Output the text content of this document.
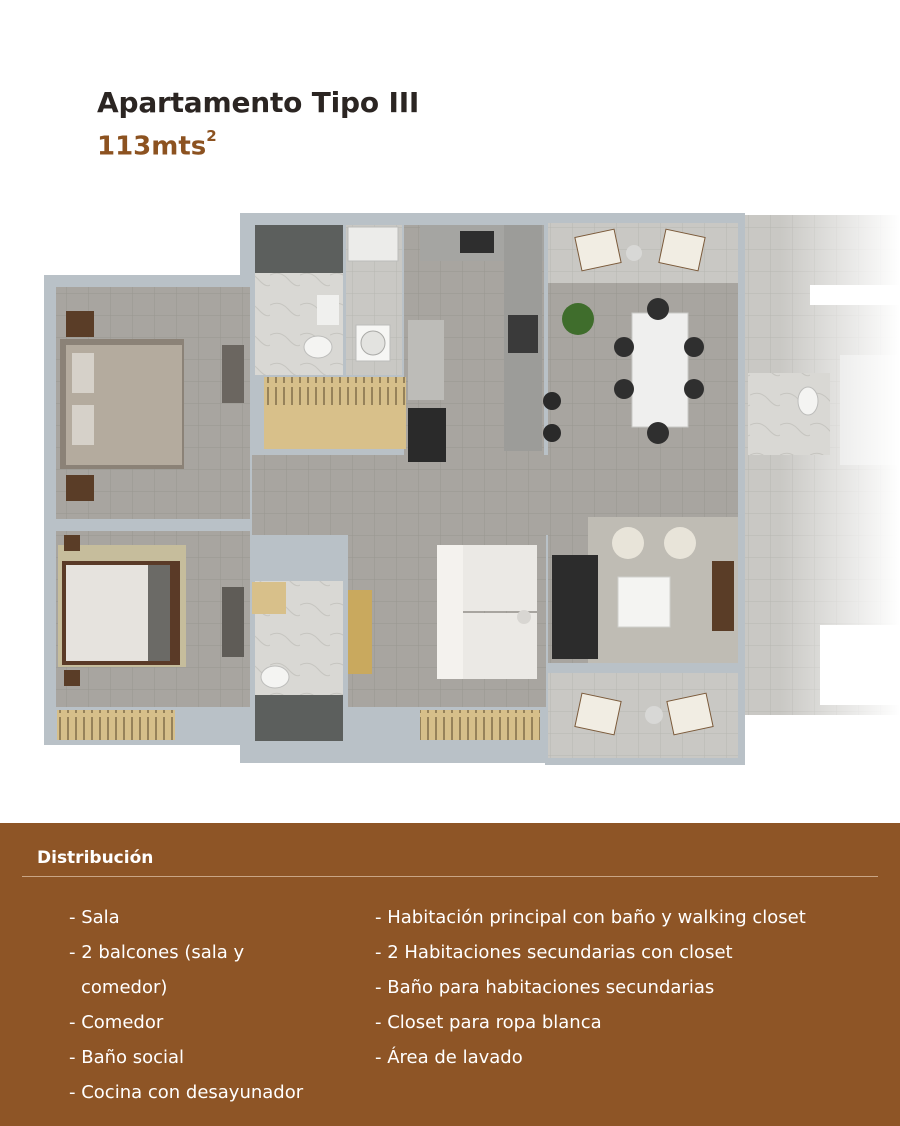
Apartamento Tipo III
113mts$^2$
Distribución
- Sala
- 2 balcones (sala y
comedor)
- Comedor
- Baño social
- Cocina con desayunador
- Habitación principal con baño y walking closet
- 2 Habitaciones secundarias con closet
- Baño para habitaciones secundarias
- Closet para ropa blanca
- Área de lavado
